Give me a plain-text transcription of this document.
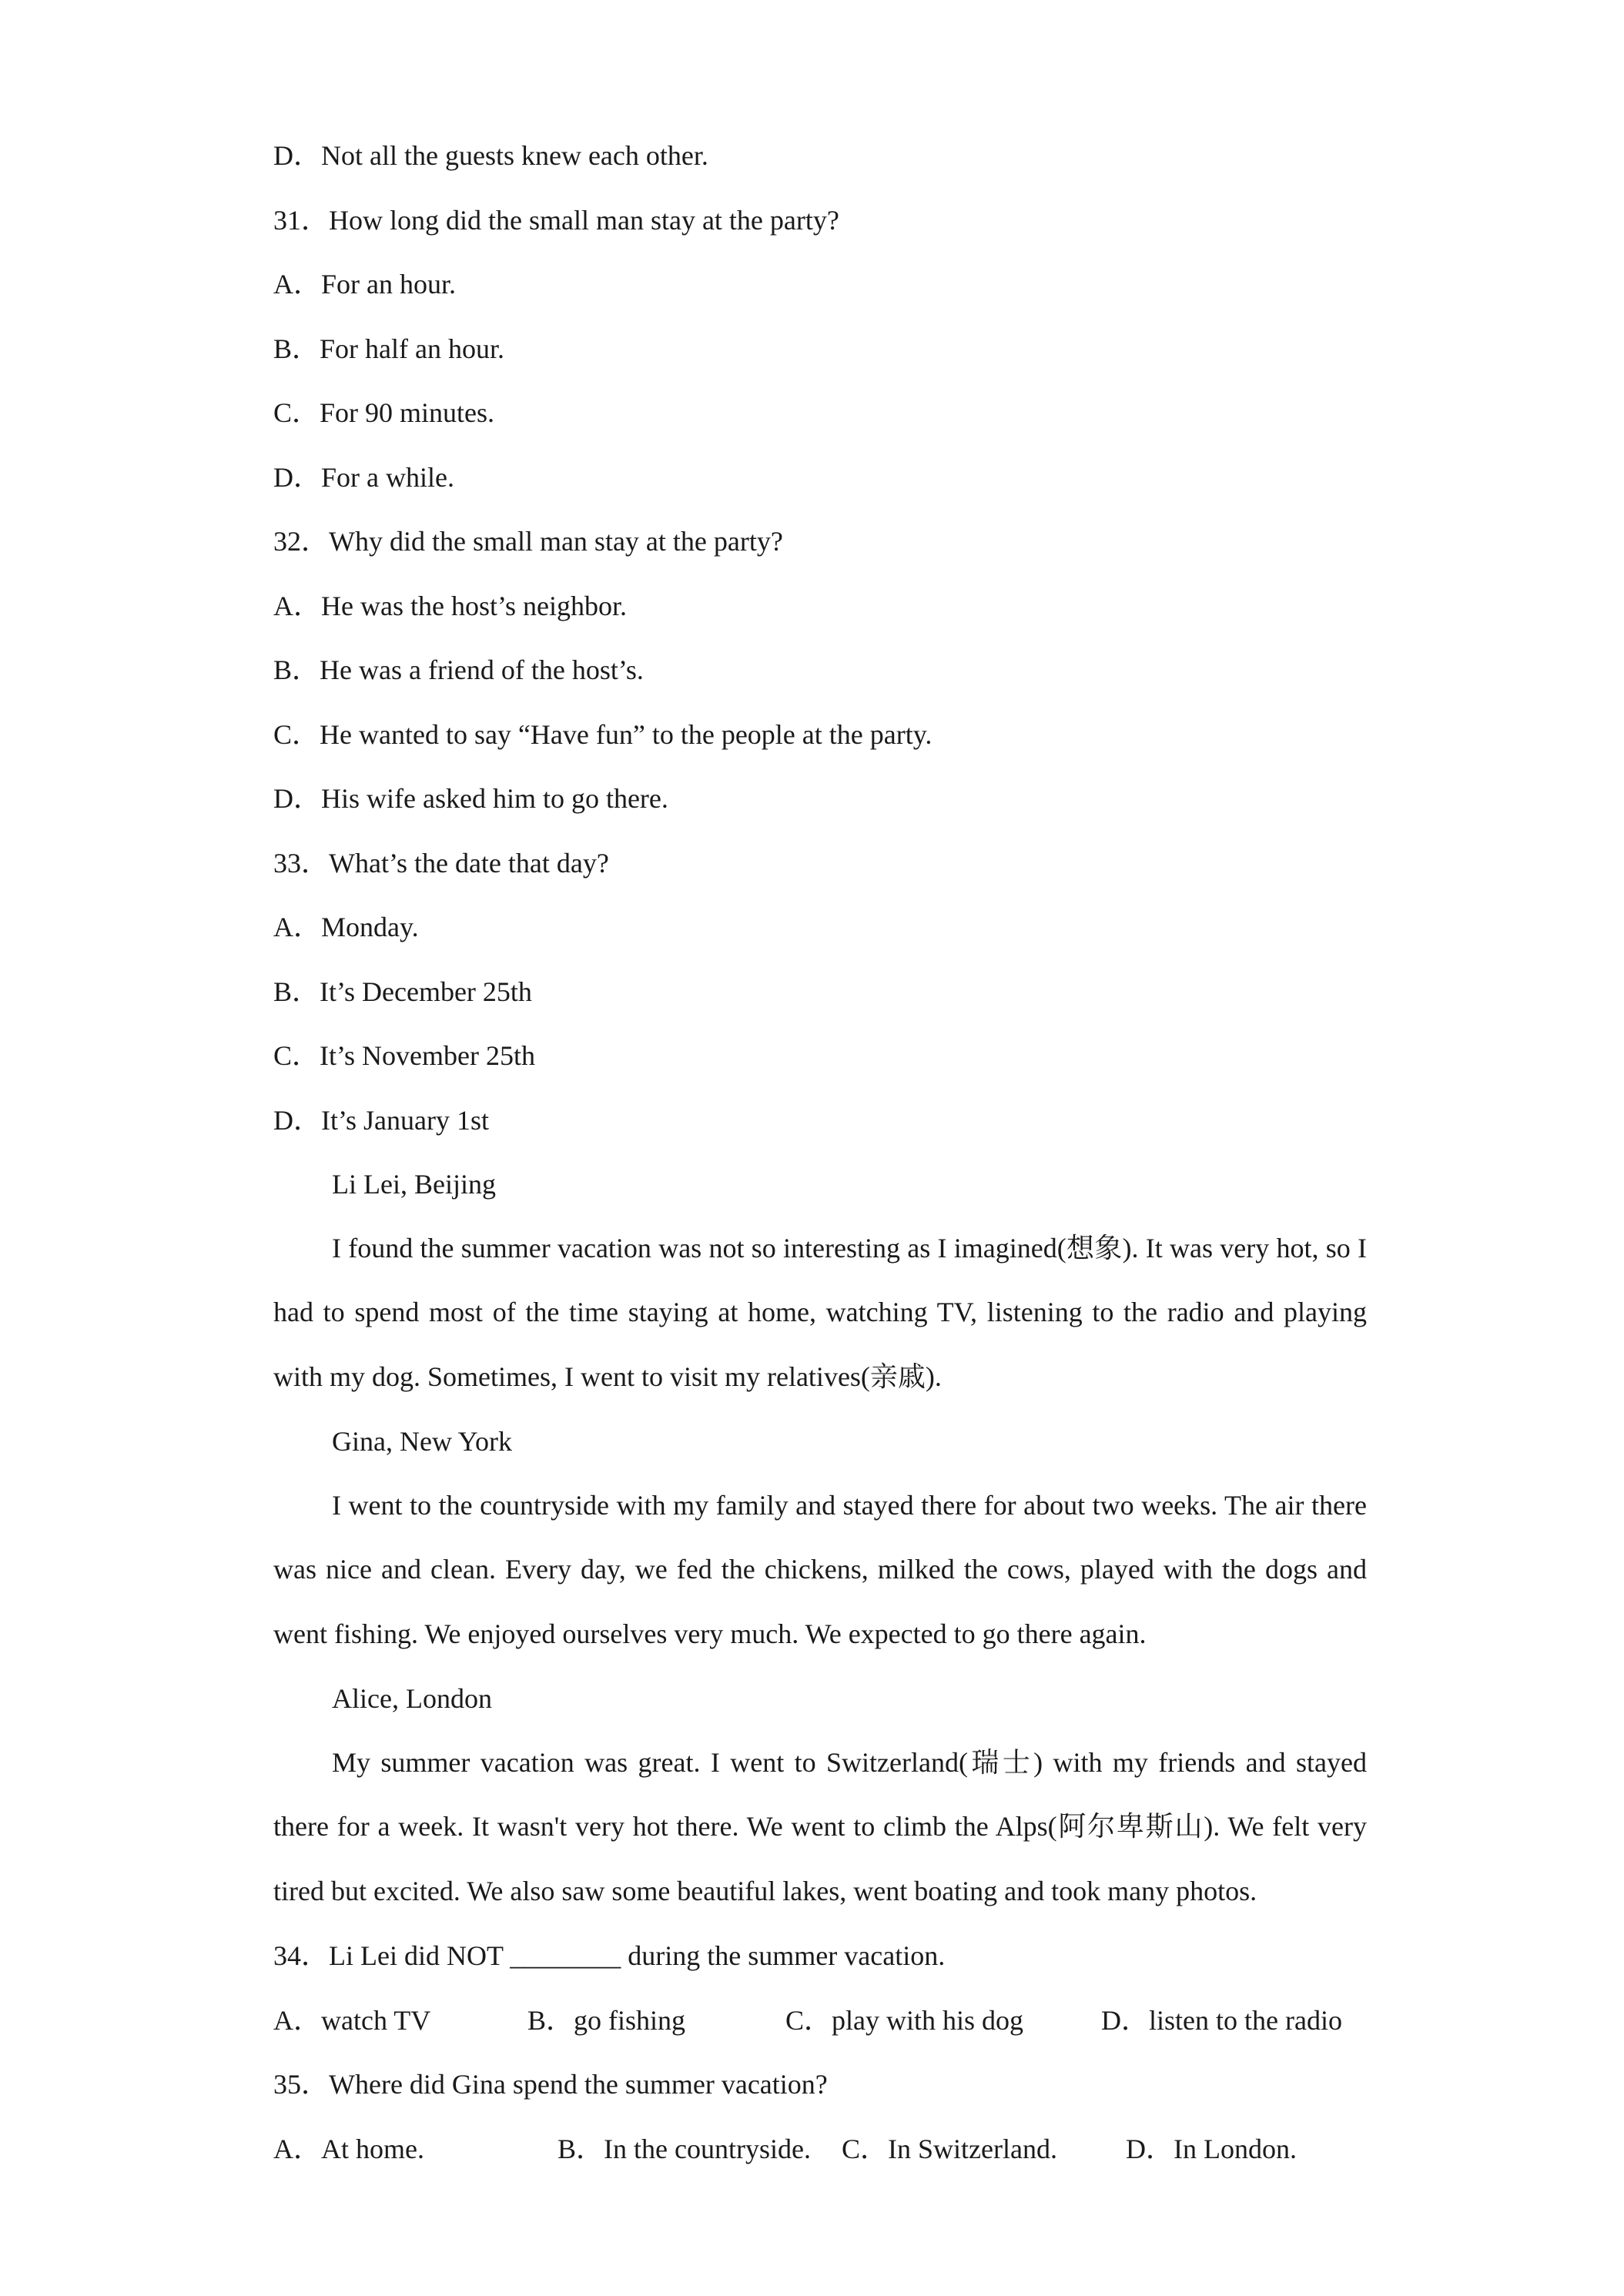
D．Not all the guests knew each other.
31．How long did the small man stay at the party?
A．For an hour.
B．For half an hour.
C．For 90 minutes.
D．For a while.
32．Why did the small man stay at the party?
A．He was the host’s neighbor.
B．He was a friend of the host’s.
C．He wanted to say “Have fun” to the people at the party.
D．His wife asked him to go there.
33．What’s the date that day?
A．Monday.
B．It’s December 25th
C．It’s November 25th
D．It’s January 1st
Li Lei, Beijing
I found the summer vacation was not so interesting as I imagined(想象). It was very hot, so I had to spend most of the time staying at home, watching TV, listening to the radio and playing with my dog. Sometimes, I went to visit my relatives(亲戚).
Gina, New York
I went to the countryside with my family and stayed there for about two weeks. The air there was nice and clean. Every day, we fed the chickens, milked the cows, played with the dogs and went fishing. We enjoyed ourselves very much. We expected to go there again.
Alice, London
My summer vacation was great. I went to Switzerland(瑞士) with my friends and stayed there for a week. It wasn't very hot there. We went to climb the Alps(阿尔卑斯山). We felt very tired but excited. We also saw some beautiful lakes, went boating and took many photos.
34．Li Lei did NOT ________ during the summer vacation.
A．watch TV	B．go fishing	C．play with his dog	D．listen to the radio
35．Where did Gina spend the summer vacation?
A．At home.	B．In the countryside.	C．In Switzerland.	D．In London.
